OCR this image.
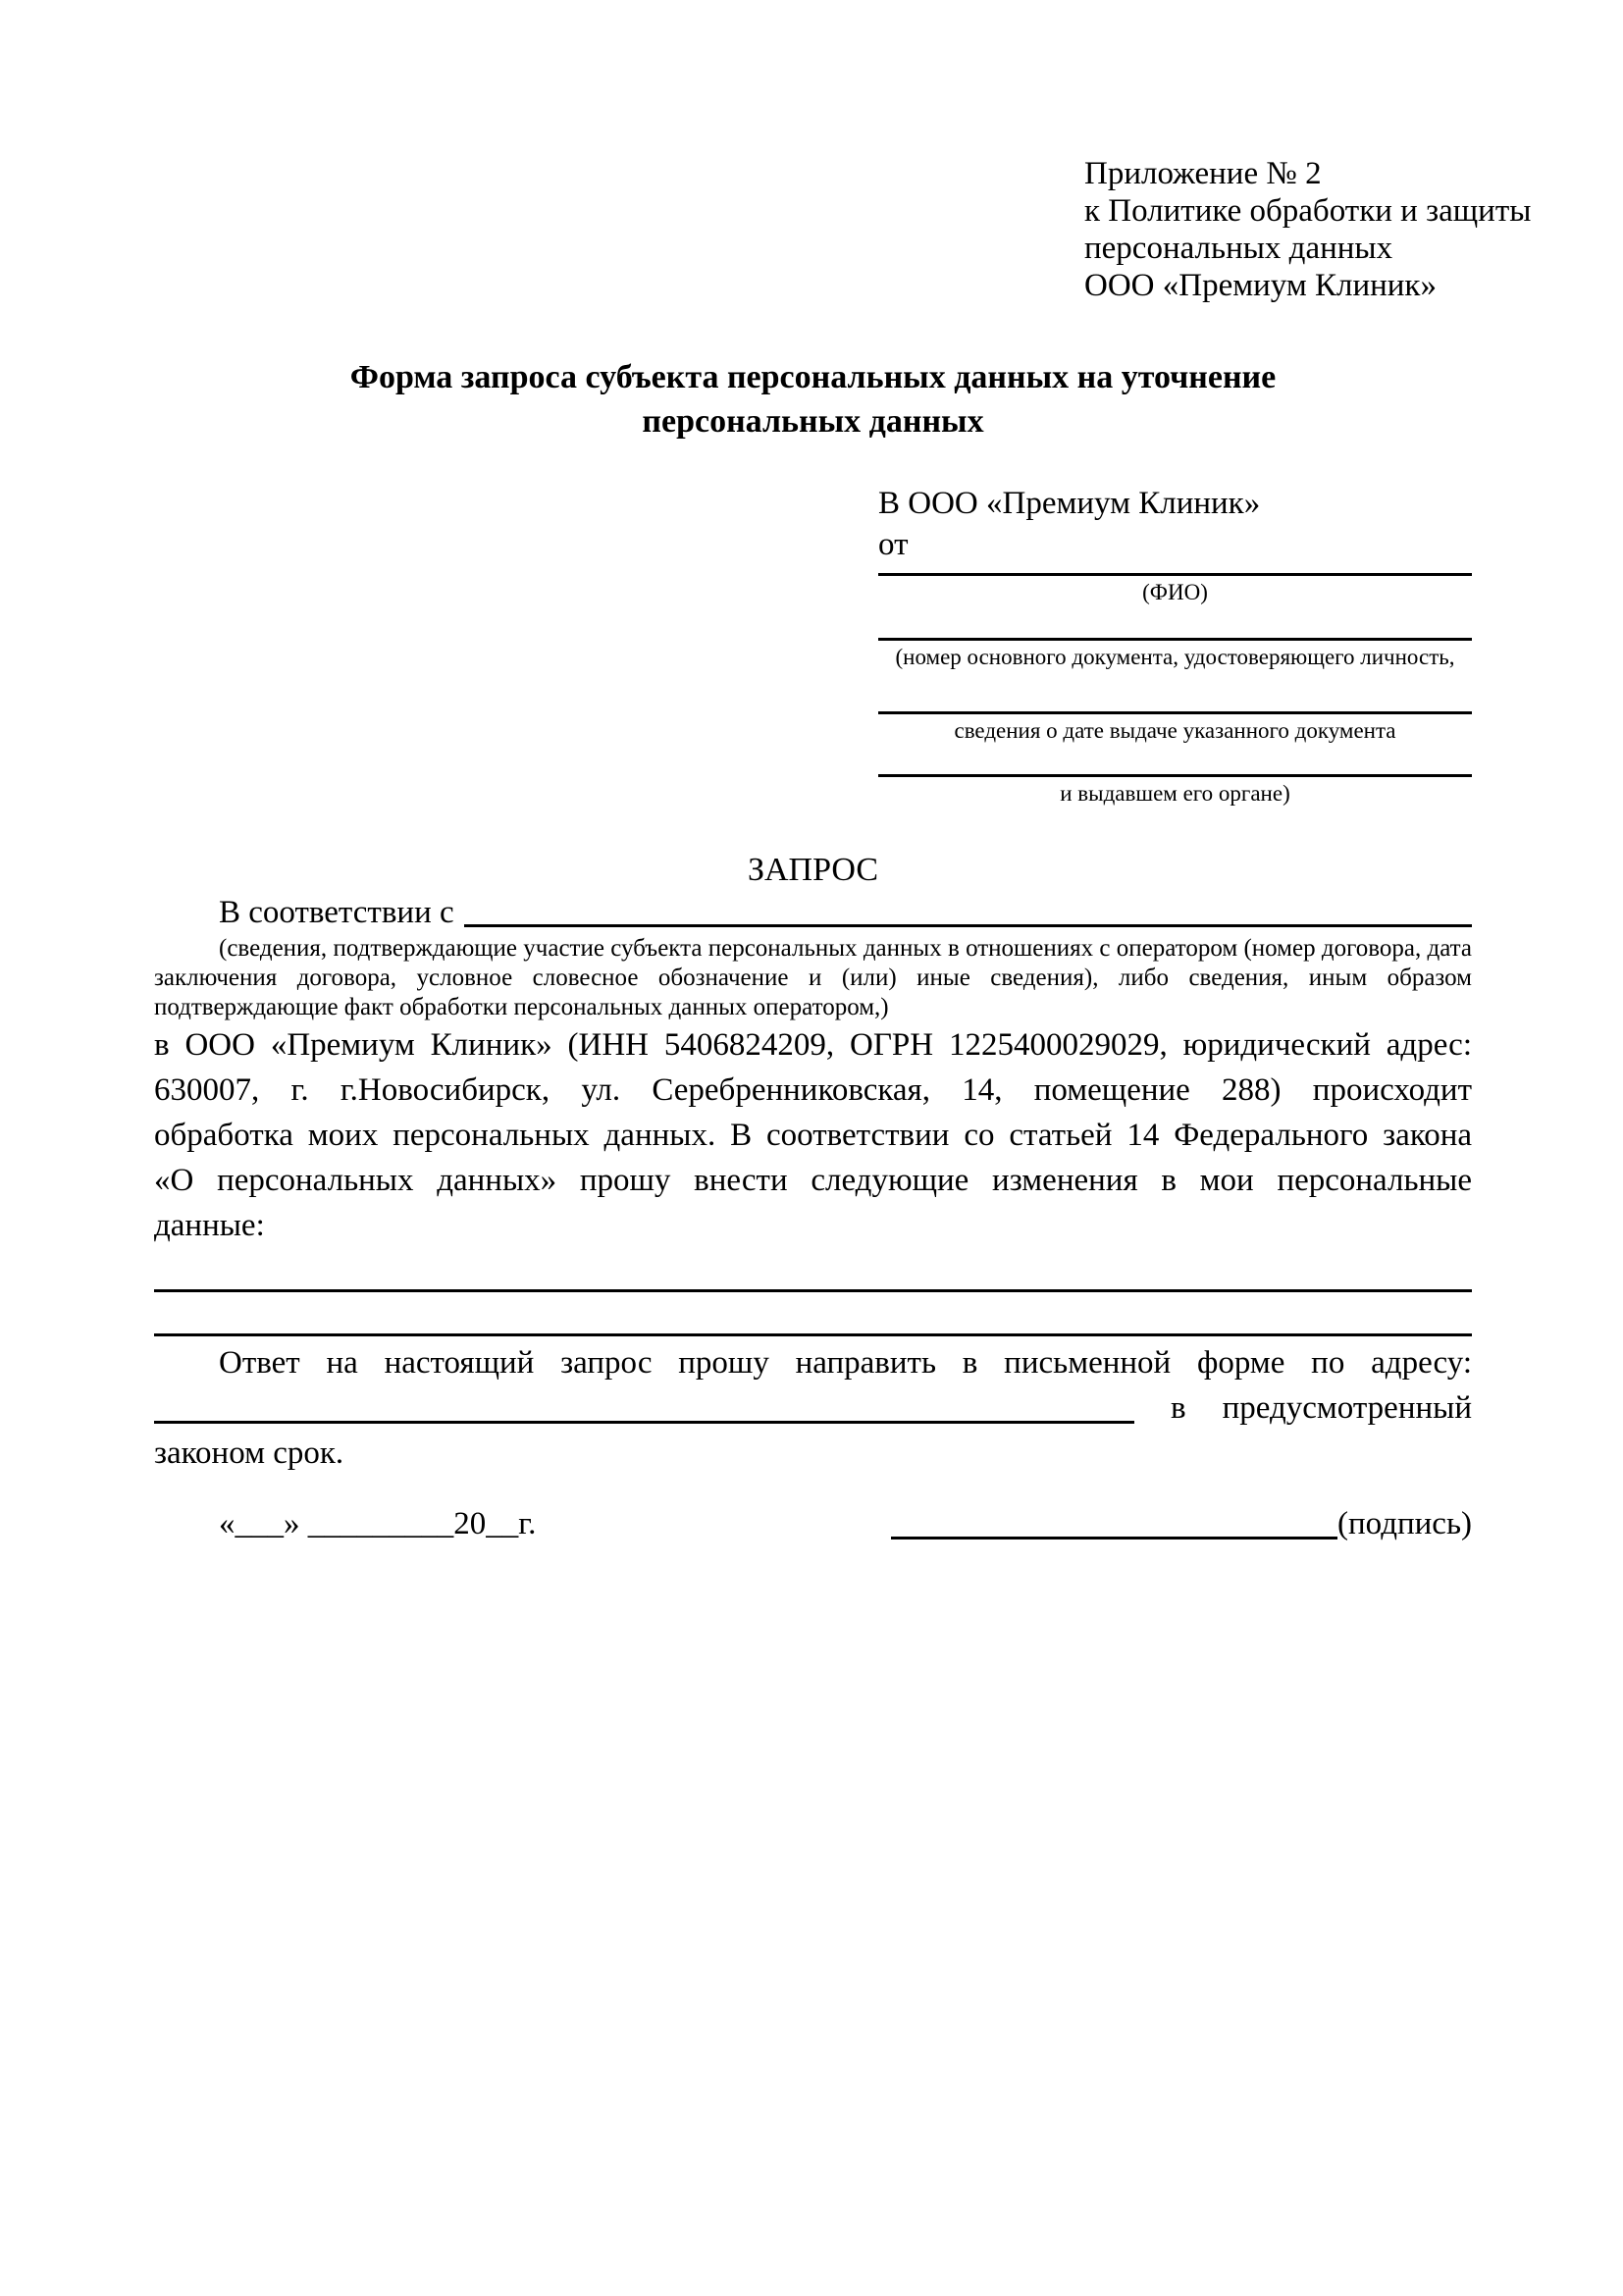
Приложение № 2
к Политике обработки и защиты
персональных данных
ООО «Премиум Клиник»
Форма запроса субъекта персональных данных на уточнение
персональных данных
В ООО «Премиум Клиник»
от
(ФИО)
(номер основного документа, удостоверяющего личность,
сведения о дате выдаче указанного документа
и выдавшем его органе)
ЗАПРОС
В соответствии с
(сведения, подтверждающие участие субъекта персональных данных в отношениях с оператором (номер договора, дата заключения договора, условное словесное обозначение и (или) иные сведения), либо сведения, иным образом подтверждающие факт обработки персональных данных оператором,)
в ООО «Премиум Клиник» (ИНН 5406824209, ОГРН 1225400029029, юридический адрес:
630007, г. г.Новосибирск, ул. Серебренниковская, 14, помещение 288) происходит
обработка моих персональных данных. В соответствии со статьей 14 Федерального закона
«О персональных данных» прошу внести следующие изменения в мои персональные
данные:
Ответ на настоящий запрос прошу направить в письменной форме по адресу:
в предусмотренный
законом срок.
«___» _________20__г.	(подпись)
